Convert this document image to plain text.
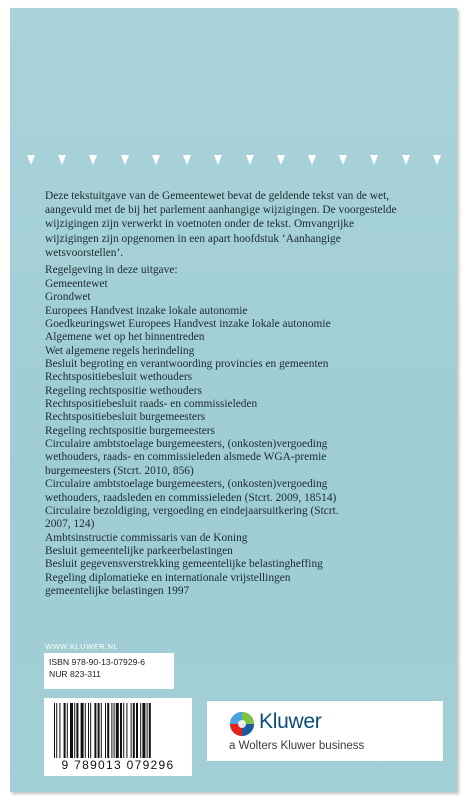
Deze tekstuitgave van de Gemeentewet bevat de geldende tekst van de wet, aangevuld met de bij het parlement aanhangige wijzigingen. De voorgestelde wijzigingen zijn verwerkt in voetnoten onder de tekst. Omvangrijke wijzigingen zijn opgenomen in een apart hoofdstuk ‘Aanhangige wetsvoorstellen’.

Regelgeving in deze uitgave:
Gemeentewet
Grondwet
Europees Handvest inzake lokale autonomie
Goedkeuringswet Europees Handvest inzake lokale autonomie
Algemene wet op het binnentreden
Wet algemene regels herindeling
Besluit begroting en verantwoording provincies en gemeenten
Rechtspositiebesluit wethouders
Regeling rechtspositie wethouders
Rechtspositiebesluit raads- en commissieleden
Rechtspositiebesluit burgemeesters
Regeling rechtspositie burgemeesters
Circulaire ambtstoelage burgemeesters, (onkosten)vergoeding
wethouders, raads- en commissieleden alsmede WGA-premie
burgemeesters (Stcrt. 2010, 856)
Circulaire ambtstoelage burgemeesters, (onkosten)vergoeding
wethouders, raadsleden en commissieleden (Stcrt. 2009, 18514)
Circulaire bezoldiging, vergoeding en eindejaarsuitkering (Stcrt.
2007, 124)
Ambtsinstructie commissaris van de Koning
Besluit gemeentelijke parkeerbelastingen
Besluit gegevensverstrekking gemeentelijke belastingheffing
Regeling diplomatieke en internationale vrijstellingen
gemeentelijke belastingen 1997
WWW.KLUWER.NL
ISBN 978-90-13-07929-6
NUR 823-311
9 789013 079296
Kluwer
a Wolters Kluwer business
